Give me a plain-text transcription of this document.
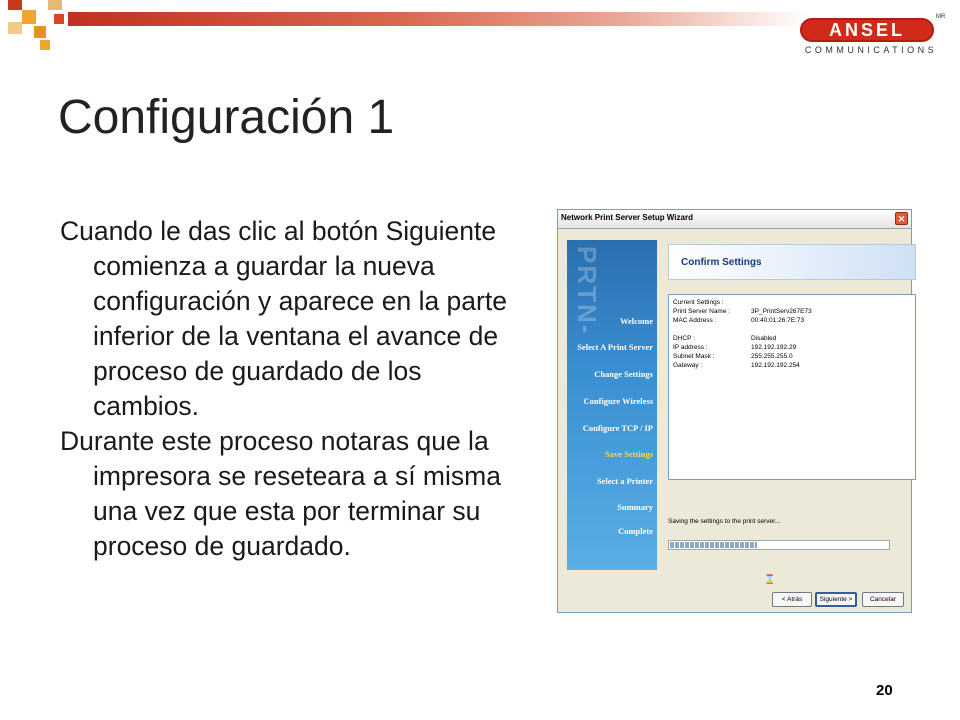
ANSEL
MR
COMMUNICATIONS
Configuración 1

Cuando le das clic al botón Siguiente comienza a guardar la nueva configuración y aparece en la parte inferior de la ventana el avance de proceso de guardado de los cambios.

Durante este proceso notaras que la impresora se reseteara a sí misma una vez que esta por terminar su proceso de guardado.

Network Print Server Setup Wizard	✕
PRTN- Welcome
Select A Print Server
Change Settings
Configure Wireless
Configure TCP / IP
Save Settings
Select a Printer
Summary
Complete
Confirm Settings
Current Settings :
Print Server Name :	3P_PrintServ267E73
MAC Address :	00:40:01:26:7E:73
DHCP :	Disabled
IP address :	192.192.192.29
Subnet Mask :	255.255.255.0
Gateway :	192.192.192.254
Saving the settings to the print server...
⌛
< Atrás	Siguiente >	Cancelar
20
